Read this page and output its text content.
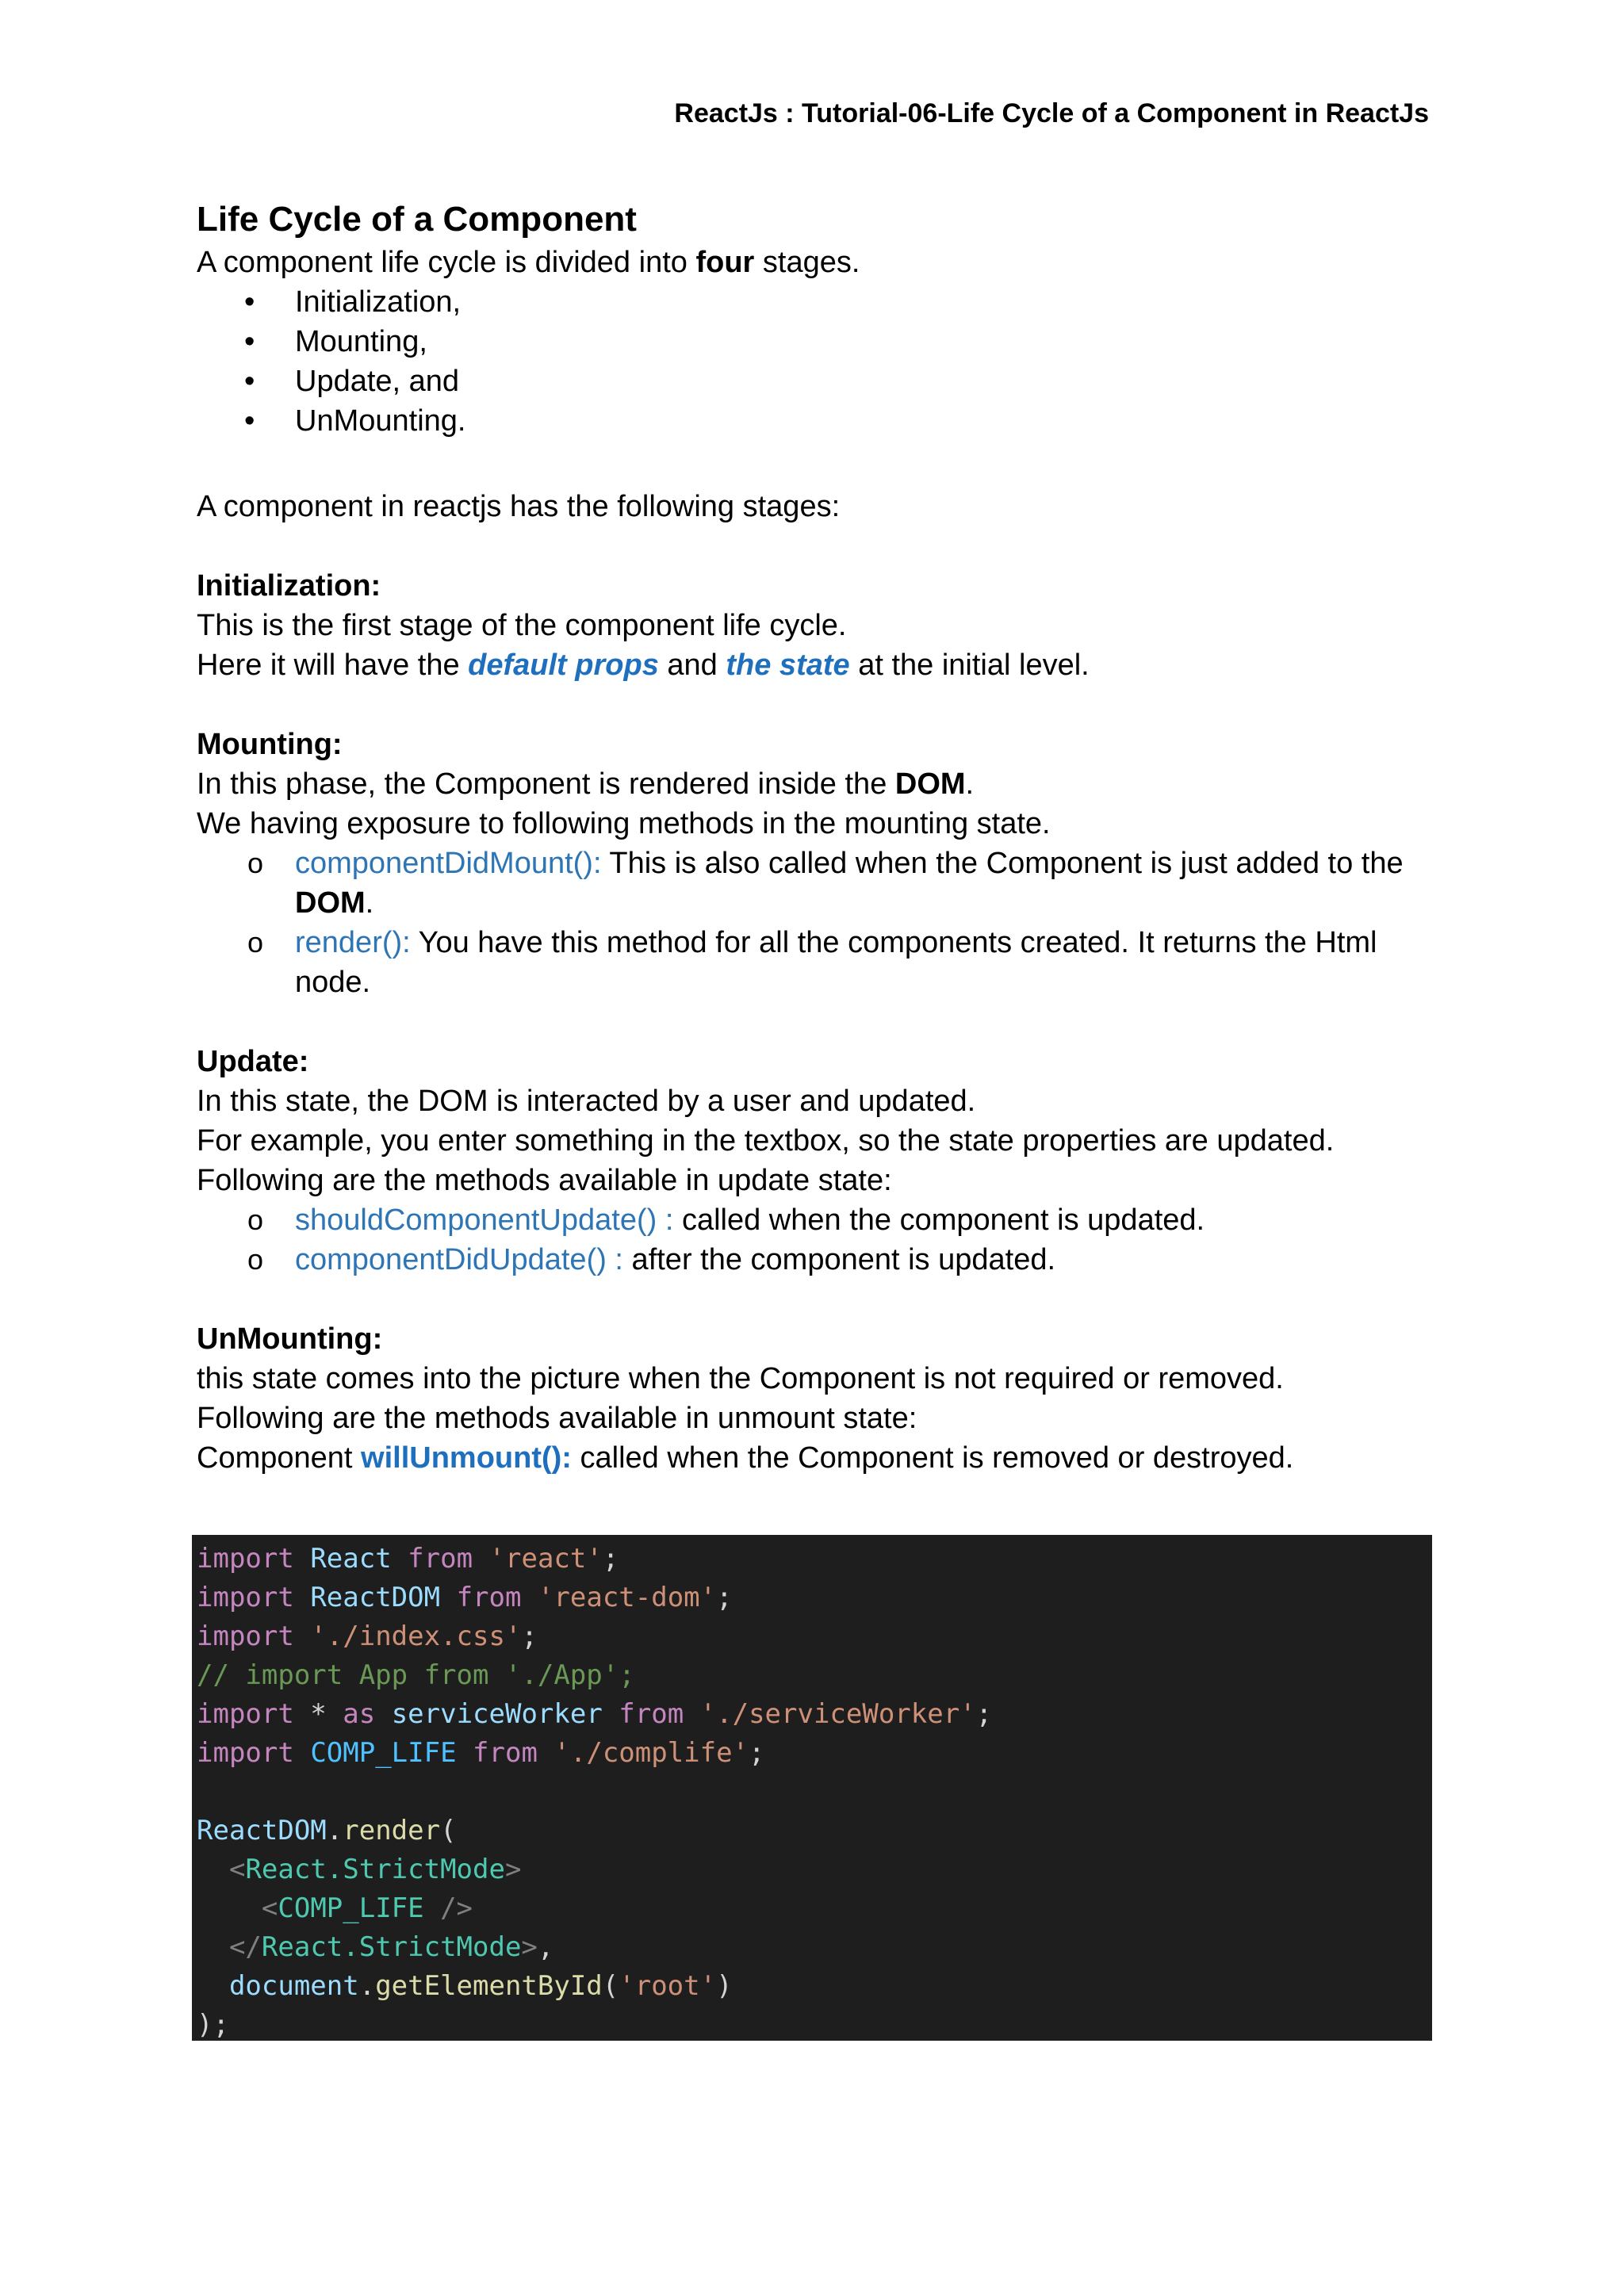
ReactJs : Tutorial-06-Life Cycle of a Component in ReactJs

Life Cycle of a Component

A component life cycle is divided into four stages.

• Initialization,
• Mounting,
• Update, and
• UnMounting.

A component in reactjs has the following stages:

Initialization:

This is the first stage of the component life cycle.

Here it will have the default props and the state at the initial level.

Mounting:

In this phase, the Component is rendered inside the DOM.

We having exposure to following methods in the mounting state.

o componentDidMount(): This is also called when the Component is just added to the DOM.
o render(): You have this method for all the components created. It returns the Html node.

Update:

In this state, the DOM is interacted by a user and updated.

For example, you enter something in the textbox, so the state properties are updated.

Following are the methods available in update state:

o shouldComponentUpdate() : called when the component is updated.
o componentDidUpdate() : after the component is updated.

UnMounting:

this state comes into the picture when the Component is not required or removed.

Following are the methods available in unmount state:

Component willUnmount(): called when the Component is removed or destroyed.

import React from 'react';
import ReactDOM from 'react-dom';
import './index.css';
// import App from './App';
import * as serviceWorker from './serviceWorker';
import COMP_LIFE from './complife';
ReactDOM.render(
<React.StrictMode>
<COMP_LIFE />
</React.StrictMode>,
document.getElementById('root')
);
